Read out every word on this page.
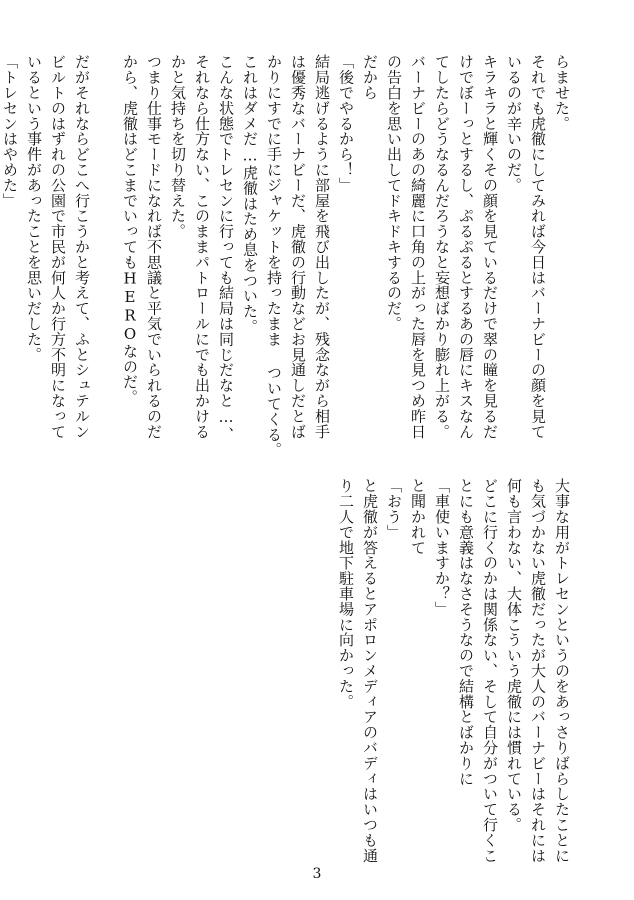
らませた。
それでも虎徹にしてみれば今日はバーナビーの顔を見て
いるのが辛いのだ。
キラキラと輝くその顔を見ているだけで翠の瞳を見るだ
けでぼーっとするし、ぷるぷるとするあの唇にキスなん
てしたらどうなるんだろうなと妄想ばかり膨れ上がる。
バーナビーのあの綺麗に口角の上がった唇を見つめ昨日
の告白を思い出してドキドキするのだ。
だから
「後でやるから！」
結局逃げるように部屋を飛び出したが、残念ながら相手
は優秀なバーナビーだ、虎徹の行動などお見通しだとば
かりにすでに手にジャケットを持ったまま ついてくる。
これはダメだ…虎徹はため息をついた。
こんな状態でトレセンに行っても結局は同じだなと…、
それなら仕方ない、このままパトロールにでも出かける
かと気持ちを切り替えた。
つまり仕事モードになれば不思議と平気でいられるのだ
から、虎徹はどこまでいってもHEROなのだ。

だがそれならどこへ行こうかと考えて、ふとシュテルン
ビルトのはずれの公園で市民が何人か行方不明になって
いるという事件があったことを思いだした。
「トレセンはやめた」
大事な用がトレセンというのをあっさりばらしたことに
も気づかない虎徹だったが大人のバーナビーはそれには
何も言わない、大体こういう虎徹には慣れている。
どこに行くのかは関係ない、そして自分がついて行くこ
とにも意義はなさそうなので結構とばかりに
「車使いますか？」
と聞かれて
「おう」
と虎徹が答えるとアポロンメディアのバディはいつも通
り二人で地下駐車場に向かった。
3
